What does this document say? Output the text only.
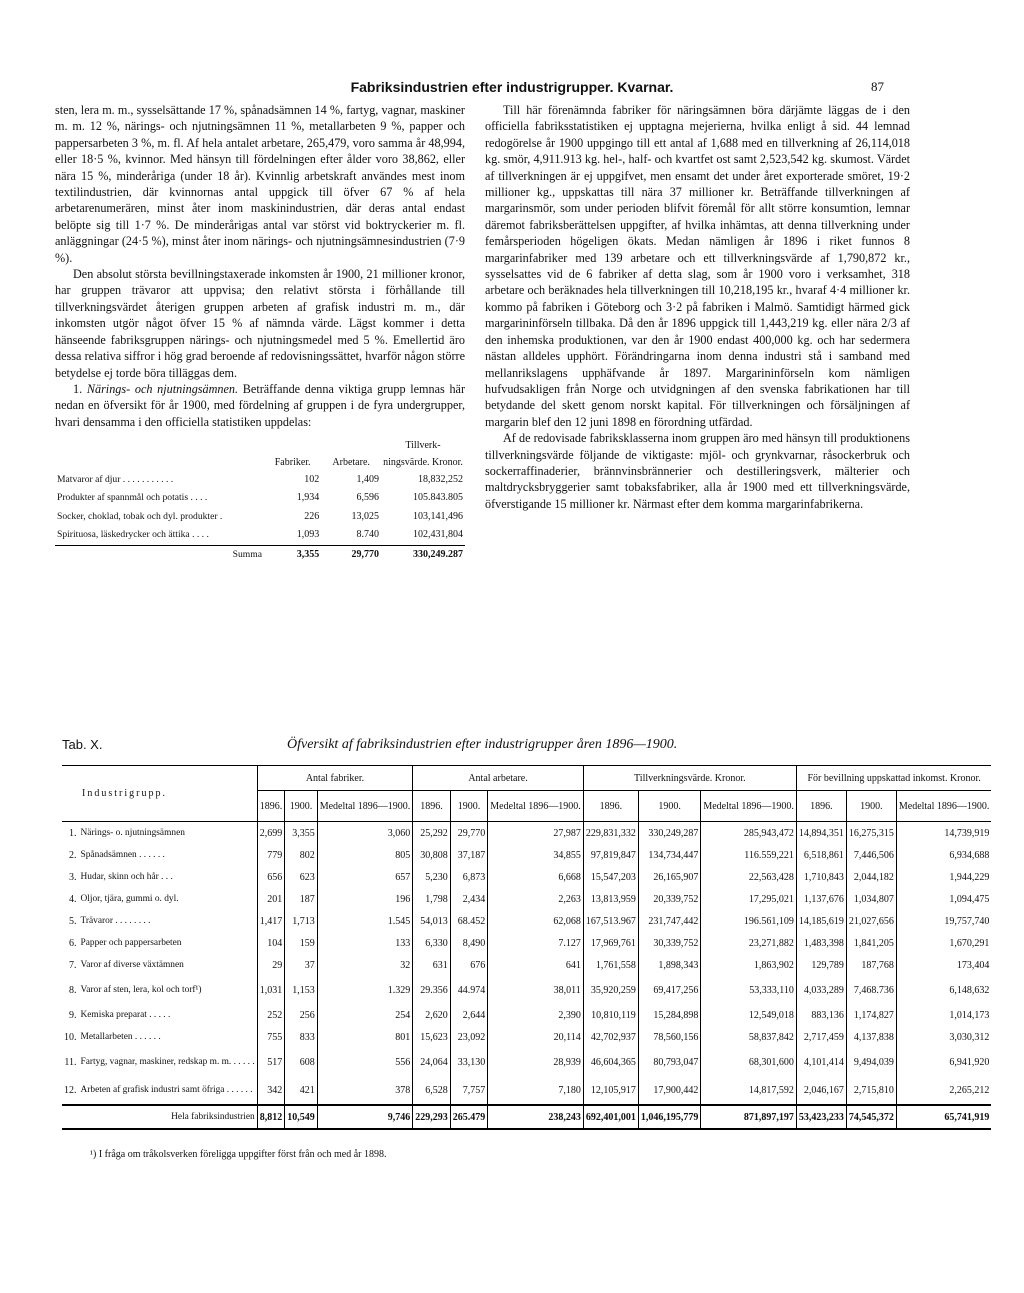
Fabriksindustrien efter industrigrupper. Kvarnar.	87

sten, lera m. m., sysselsättande 17 %, spånadsämnen 14 %, fartyg, vagnar, maskiner m. m. 12 %, närings- och njutningsämnen 11 %, metallarbeten 9 %, papper och pappersarbeten 3 %, m. fl. Af hela antalet arbetare, 265,479, voro samma år 48,994, eller 18·5 %, kvinnor. Med hänsyn till fördelningen efter ålder voro 38,862, eller nära 15 %, minderåriga (under 18 år). Kvinnlig arbetskraft användes mest inom textilindustrien, där kvinnornas antal uppgick till öfver 67 % af hela arbetarenumerären, minst åter inom maskinindustrien, där deras antal endast belöpte sig till 1·7 %. De minderårigas antal var störst vid boktryckerier m. fl. anläggningar (24·5 %), minst åter inom närings- och njutningsämnesindustrien (7·9 %).

Den absolut största bevillningstaxerade inkomsten år 1900, 21 millioner kronor, har gruppen trävaror att uppvisa; den relativt största i förhållande till tillverkningsvärdet återigen gruppen arbeten af grafisk industri m. m., där inkomsten utgör något öfver 15 % af nämnda värde. Lägst kommer i detta hänseende fabriksgruppen närings- och njutningsmedel med 5 %. Emellertid äro dessa relativa siffror i hög grad beroende af redovisningssättet, hvarför någon större betydelse ej torde böra tilläggas dem.

1. Närings- och njutningsämnen. Beträffande denna viktiga grupp lemnas här nedan en öfversikt för år 1900, med fördelning af gruppen i de fyra undergrupper, hvari densamma i den officiella statistiken uppdelas:

	Fabriker.	Arbetare.	Tillverk-ningsvärde. Kronor.
Matvaror af djur . . . . . . . . . . .	102	1,409	18,832,252
Produkter af spannmål och potatis . . . .	1,934	6,596	105.843.805
Socker, choklad, tobak och dyl. produkter .	226	13,025	103,141,496
Spirituosa, läskedrycker och ättika . . . .	1,093	8.740	102,431,804
Summa	3,355	29,770	330,249.287

Till här förenämnda fabriker för näringsämnen böra därjämte läggas de i den officiella fabriksstatistiken ej upptagna mejerierna, hvilka enligt å sid. 44 lemnad redogörelse år 1900 uppgingo till ett antal af 1,688 med en tillverkning af 26,114,018 kg. smör, 4,911.913 kg. hel-, half- och kvartfet ost samt 2,523,542 kg. skumost. Värdet af tillverkningen är ej uppgifvet, men ensamt det under året exporterade smöret, 19·2 millioner kg., uppskattas till nära 37 millioner kr. Beträffande tillverkningen af margarinsmör, som under perioden blifvit föremål för allt större konsumtion, lemnar däremot fabriksberättelsen uppgifter, af hvilka inhämtas, att denna tillverkning under femårsperioden högeligen ökats. Medan nämligen år 1896 i riket funnos 8 margarinfabriker med 139 arbetare och ett tillverkningsvärde af 1,790,872 kr., sysselsattes vid de 6 fabriker af detta slag, som år 1900 voro i verksamhet, 318 arbetare och beräknades hela tillverkningen till 10,218,195 kr., hvaraf 4·4 millioner kr. kommo på fabriken i Göteborg och 3·2 på fabriken i Malmö. Samtidigt härmed gick margarininförseln tillbaka. Då den år 1896 uppgick till 1,443,219 kg. eller nära 2/3 af den inhemska produktionen, var den år 1900 endast 400,000 kg. och har sedermera nästan alldeles upphört. Förändringarna inom denna industri stå i samband med mellanrikslagens upphäfvande år 1897. Margarininförseln kom nämligen hufvudsakligen från Norge och utvidgningen af den svenska fabrikationen har till betydande del skett genom norskt kapital. För tillverkningen och försäljningen af margarin blef den 12 juni 1898 en förordning utfärdad.

Af de redovisade fabriksklasserna inom gruppen äro med hänsyn till produktionens tillverkningsvärde följande de viktigaste: mjöl- och grynkvarnar, råsockerbruk och sockerraffinaderier, brännvinsbrännerier och destilleringsverk, mälterier och maltdrycksbryggerier samt tobaksfabriker, alla år 1900 med ett tillverkningsvärde, öfverstigande 15 millioner kr. Närmast efter dem komma margarinfabrikerna.

Tab. X.	Öfversikt af fabriksindustrien efter industrigrupper åren 1896—1900.
Industrigrupp.		Antal fabriker.			Antal arbetare.			Tillverkningsvärde. Kronor.			För bevillning uppskattad inkomst. Kronor.		
		1896.	1900.	Medeltal 1896—1900.	1896.	1900.	Medeltal 1896—1900.	1896.	1900.	Medeltal 1896—1900.	1896.	1900.	Medeltal 1896—1900.
1.	Närings- o. njutningsämnen	2,699	3,355	3,060	25,292	29,770	27,987	229,831,332	330,249,287	285,943,472	14,894,351	16,275,315	14,739,919
2.	Spånadsämnen . . . . . .	779	802	805	30,808	37,187	34,855	97,819,847	134,734,447	116.559,221	6,518,861	7,446,506	6,934,688
3.	Hudar, skinn och hår . . .	656	623	657	5,230	6,873	6,668	15,547,203	26,165,907	22,563,428	1,710,843	2,044,182	1,944,229
4.	Oljor, tjära, gummi o. dyl.	201	187	196	1,798	2,434	2,263	13,813,959	20,339,752	17,295,021	1,137,676	1,034,807	1,094,475
5.	Trävaror . . . . . . . .	1,417	1,713	1.545	54,013	68.452	62,068	167,513.967	231,747,442	196.561,109	14,185,619	21,027,656	19,757,740
6.	Papper och pappersarbeten	104	159	133	6,330	8,490	7.127	17,969,761	30,339,752	23,271,882	1,483,398	1,841,205	1,670,291
7.	Varor af diverse växtämnen	29	37	32	631	676	641	1,761,558	1,898,343	1,863,902	129,789	187,768	173,404
8.	Varor af sten, lera, kol och torf¹)	1,031	1,153	1.329	29.356	44.974	38,011	35,920,259	69,417,256	53,333,110	4,033,289	7,468.736	6,148,632
9.	Kemiska preparat . . . . .	252	256	254	2,620	2,644	2,390	10,810,119	15,284,898	12,549,018	883,136	1,174,827	1,014,173
10.	Metallarbeten . . . . . .	755	833	801	15,623	23,092	20,114	42,702,937	78,560,156	58,837,842	2,717,459	4,137,838	3,030,312
11.	Fartyg, vagnar, maskiner, redskap m. m. . . . . .	517	608	556	24,064	33,130	28,939	46,604,365	80,793,047	68,301,600	4,101,414	9,494,039	6,941,920
12.	Arbeten af grafisk industri samt öfriga . . . . . .	342	421	378	6,528	7,757	7,180	12,105,917	17,900,442	14,817,592	2,046,167	2,715,810	2,265,212
	Hela fabriksindustrien	8,812	10,549	9,746	229,293	265.479	238,243	692,401,001	1,046,195,779	871,897,197	53,423,233	74,545,372	65,741,919
¹) I fråga om tråkolsverken föreligga uppgifter först från och med år 1898.
